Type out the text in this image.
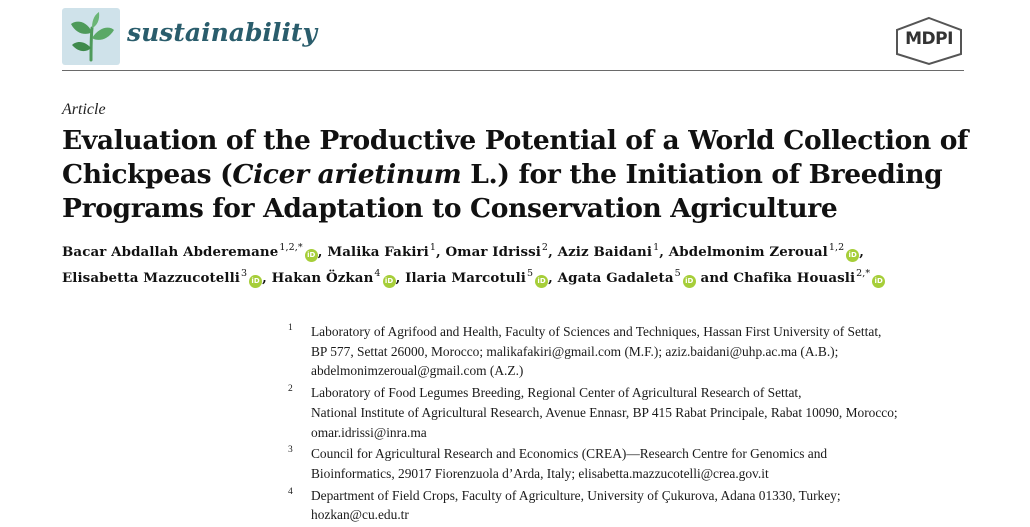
sustainability	MDPI
Article
Evaluation of the Productive Potential of a World Collection of
Chickpeas (Cicer arietinum L.) for the Initiation of Breeding
Programs for Adaptation to Conservation Agriculture
Bacar Abdallah Abderemane$^{1,2,*}$iD , Malika Fakiri$^1$, Omar Idrissi$^2$, Aziz Baidani$^1$, Abdelmonim Zeroual$^{1,2}$iD ,
Elisabetta Mazzucotelli$^3$iD , Hakan Özkan$^4$iD , Ilaria Marcotuli$^5$iD , Agata Gadaleta$^5$iD and Chafika Houasli$^{2,*}$iD
1 Laboratory of Agrifood and Health, Faculty of Sciences and Techniques, Hassan First University of Settat,
BP 577, Settat 26000, Morocco; malikafakiri@gmail.com (M.F.); aziz.baidani@uhp.ac.ma (A.B.);
abdelmonimzeroual@gmail.com (A.Z.)
2 Laboratory of Food Legumes Breeding, Regional Center of Agricultural Research of Settat,
National Institute of Agricultural Research, Avenue Ennasr, BP 415 Rabat Principale, Rabat 10090, Morocco;
omar.idrissi@inra.ma
3 Council for Agricultural Research and Economics (CREA)—Research Centre for Genomics and
Bioinformatics, 29017 Fiorenzuola d’Arda, Italy; elisabetta.mazzucotelli@crea.gov.it
4 Department of Field Crops, Faculty of Agriculture, University of Çukurova, Adana 01330, Turkey;
hozkan@cu.edu.tr
